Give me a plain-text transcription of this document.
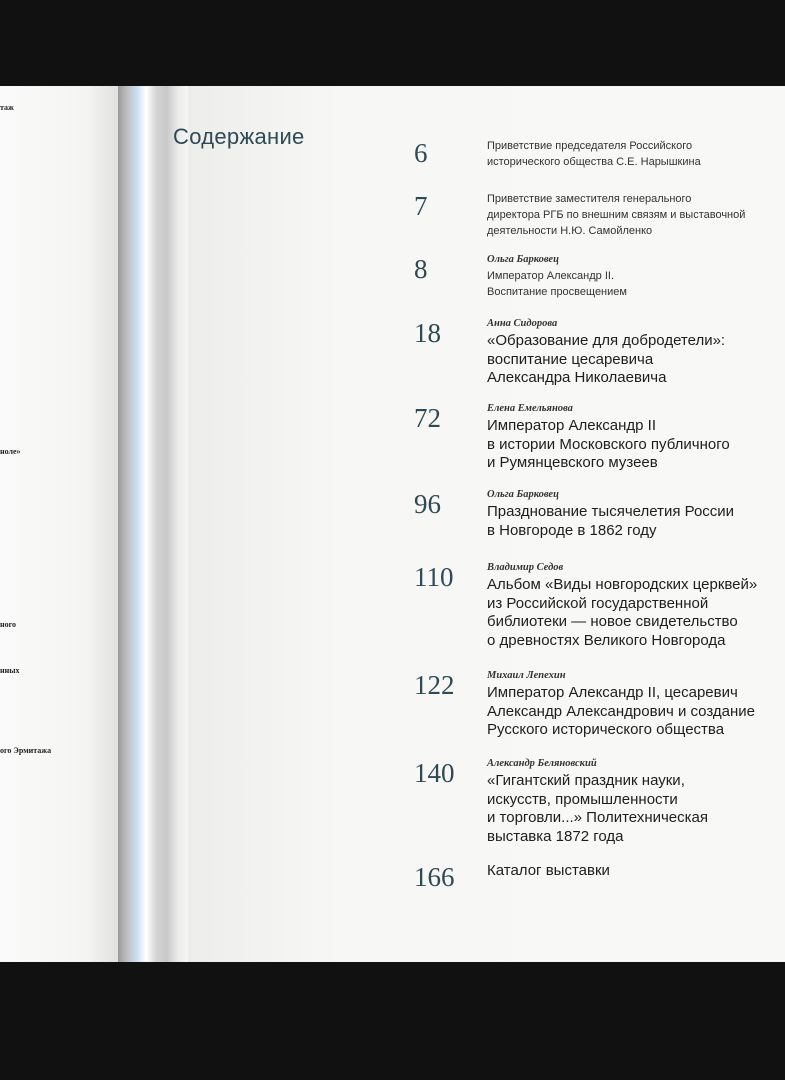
таж
ноле»
ного
нных
ого Эрмитажа
Содержание
6	Приветствие председателя Российского
исторического общества С.Е. Нарышкина
7	Приветствие заместителя генерального
директора РГБ по внешним связям и выставочной
деятельности Н.Ю. Самойленко
8	Ольга Барковец
Император Александр II.
Воспитание просвещением
18	Анна Сидорова
«Образование для добродетели»:
воспитание цесаревича
Александра Николаевича
72	Елена Емельянова
Император Александр II
в истории Московского публичного
и Румянцевского музеев
96	Ольга Барковец
Празднование тысячелетия России
в Новгороде в 1862 году
110	Владимир Седов
Альбом «Виды новгородских церквей»
из Российской государственной
библиотеки — новое свидетельство
о древностях Великого Новгорода
122	Михаил Лепехин
Император Александр II, цесаревич
Александр Александрович и создание
Русского исторического общества
140	Александр Беляновский
«Гигантский праздник науки,
искусств, промышленности
и торговли...» Политехническая
выставка 1872 года
166	Каталог выставки
